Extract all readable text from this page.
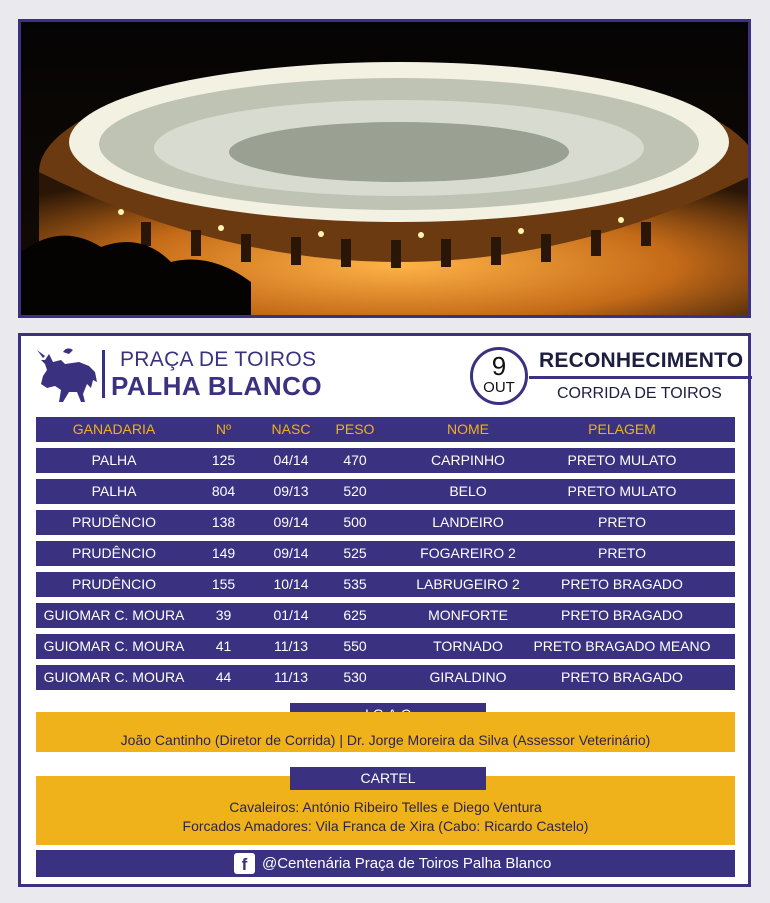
PRAÇA DE TOIROS
PALHA BLANCO
9
OUT
RECONHECIMENTO
CORRIDA DE TOIROS
GANADARIA	Nº	NASC	PESO	NOME	PELAGEM
PALHA	125	04/14	470	CARPINHO	PRETO MULATO
PALHA	804	09/13	520	BELO	PRETO MULATO
PRUDÊNCIO	138	09/14	500	LANDEIRO	PRETO
PRUDÊNCIO	149	09/14	525	FOGAREIRO 2	PRETO
PRUDÊNCIO	155	10/14	535	LABRUGEIRO 2	PRETO BRAGADO
GUIOMAR C. MOURA	39	01/14	625	MONFORTE	PRETO BRAGADO
GUIOMAR C. MOURA	41	11/13	550	TORNADO	PRETO BRAGADO MEANO
GUIOMAR C. MOURA	44	11/13	530	GIRALDINO	PRETO BRAGADO
João Cantinho (Diretor de Corrida) | Dr. Jorge Moreira da Silva (Assessor Veterinário)
Cavaleiros: António Ribeiro Telles e Diego Ventura
Forcados Amadores: Vila Franca de Xira (Cabo: Ricardo Castelo)
CARTEL
f @Centenária Praça de Toiros Palha Blanco
